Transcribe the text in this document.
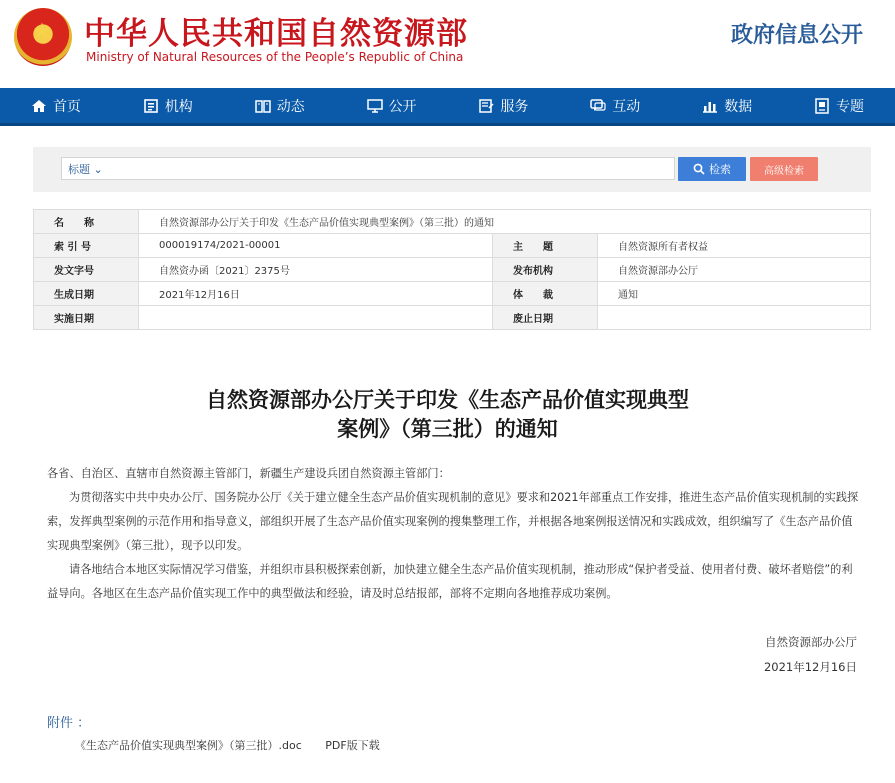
★ 中华人民共和国自然资源部
Ministry of Natural Resources of the People’s Republic of China
政府信息公开
首页	机构	动态	公开	服务	互动	数据	专题
标题 ⌄	检索	高级检索
名　　称	自然资源部办公厅关于印发《生态产品价值实现典型案例》（第三批）的通知		
索 引 号	000019174/2021-00001	主　　题	自然资源所有者权益
发文字号	自然资办函〔2021〕2375号	发布机构	自然资源部办公厅
生成日期	2021年12月16日	体　　裁	通知
实施日期		废止日期	
自然资源部办公厅关于印发《生态产品价值实现典型
案例》（第三批）的通知

各省、自治区、直辖市自然资源主管部门，新疆生产建设兵团自然资源主管部门：

为贯彻落实中共中央办公厅、国务院办公厅《关于建立健全生态产品价值实现机制的意见》要求和2021年部重点工作安排，推进生态产品价值实现机制的实践探索，发挥典型案例的示范作用和指导意义，部组织开展了生态产品价值实现案例的搜集整理工作，并根据各地案例报送情况和实践成效，组织编写了《生态产品价值实现典型案例》（第三批），现予以印发。

请各地结合本地区实际情况学习借鉴，并组织市县积极探索创新，加快建立健全生态产品价值实现机制，推动形成“保护者受益、使用者付费、破坏者赔偿”的利益导向。各地区在生态产品价值实现工作中的典型做法和经验，请及时总结报部，部将不定期向各地推荐成功案例。

自然资源部办公厅
2021年12月16日
附件 ：
《生态产品价值实现典型案例》（第三批）.doc PDF版下载
